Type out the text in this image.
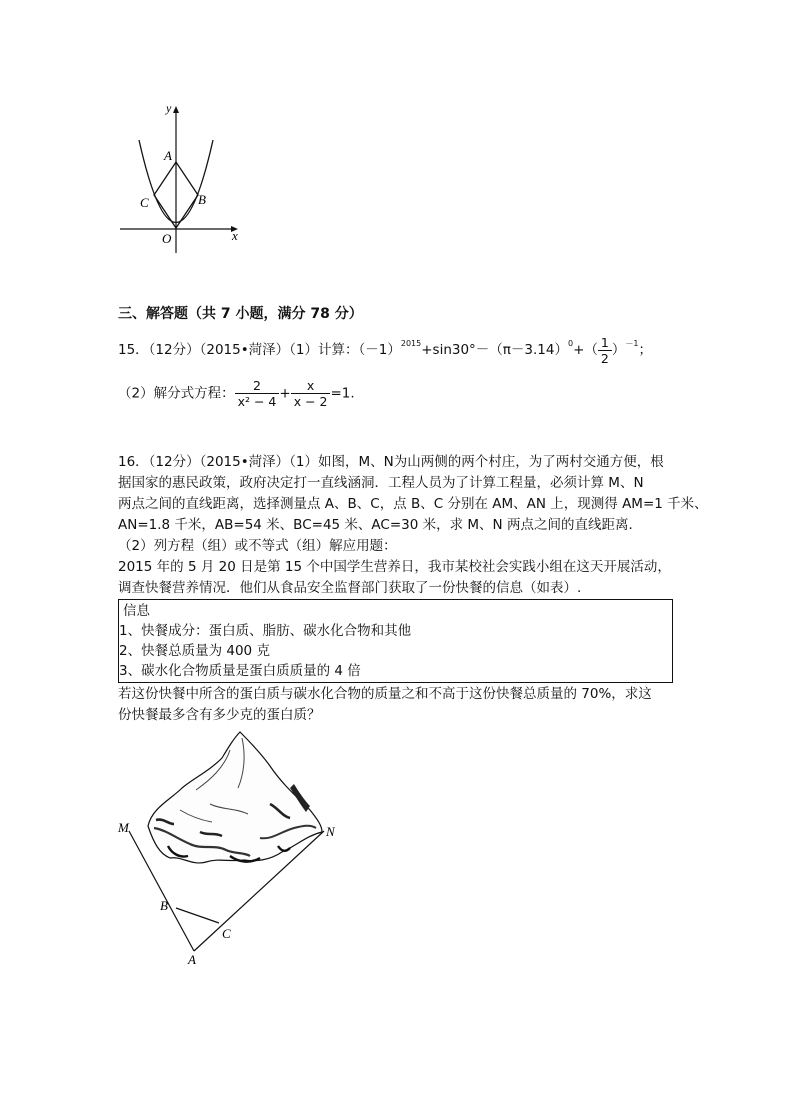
y
x
A
B
C
O
三、解答题（共 7 小题，满分 78 分）
15．（12分）（2015•菏泽）（1）计算：$(-1)^{2015}+\sin 30^\circ-(\pi-3.14)^0+( \frac{1}{2} )^{-1}$；
（2）解分式方程： $\frac{2}{\text{x² − 4}} + \frac{x}{x - 2} =1$.
16．（12分）（2015•菏泽）（1）如图，M、N为山两侧的两个村庄，为了两村交通方便，根
据国家的惠民政策，政府决定打一直线涵洞．工程人员为了计算工程量，必须计算 M、N
两点之间的直线距离，选择测量点 A、B、C，点 B、C 分别在 AM、AN 上，现测得 AM=1 千米、
AN=1.8 千米，AB=54 米、BC=45 米、AC=30 米，求 M、N 两点之间的直线距离．
（2）列方程（组）或不等式（组）解应用题：
2015 年的 5 月 20 日是第 15 个中国学生营养日，我市某校社会实践小组在这天开展活动，
调查快餐营养情况．他们从食品安全监督部门获取了一份快餐的信息（如表）.
信息
1、快餐成分：蛋白质、脂肪、碳水化合物和其他
2、快餐总质量为 400 克
3、碳水化合物质量是蛋白质质量的 4 倍
若这份快餐中所含的蛋白质与碳水化合物的质量之和不高于这份快餐总质量的 70%，求这
份快餐最多含有多少克的蛋白质？
M	N
B
C
A
